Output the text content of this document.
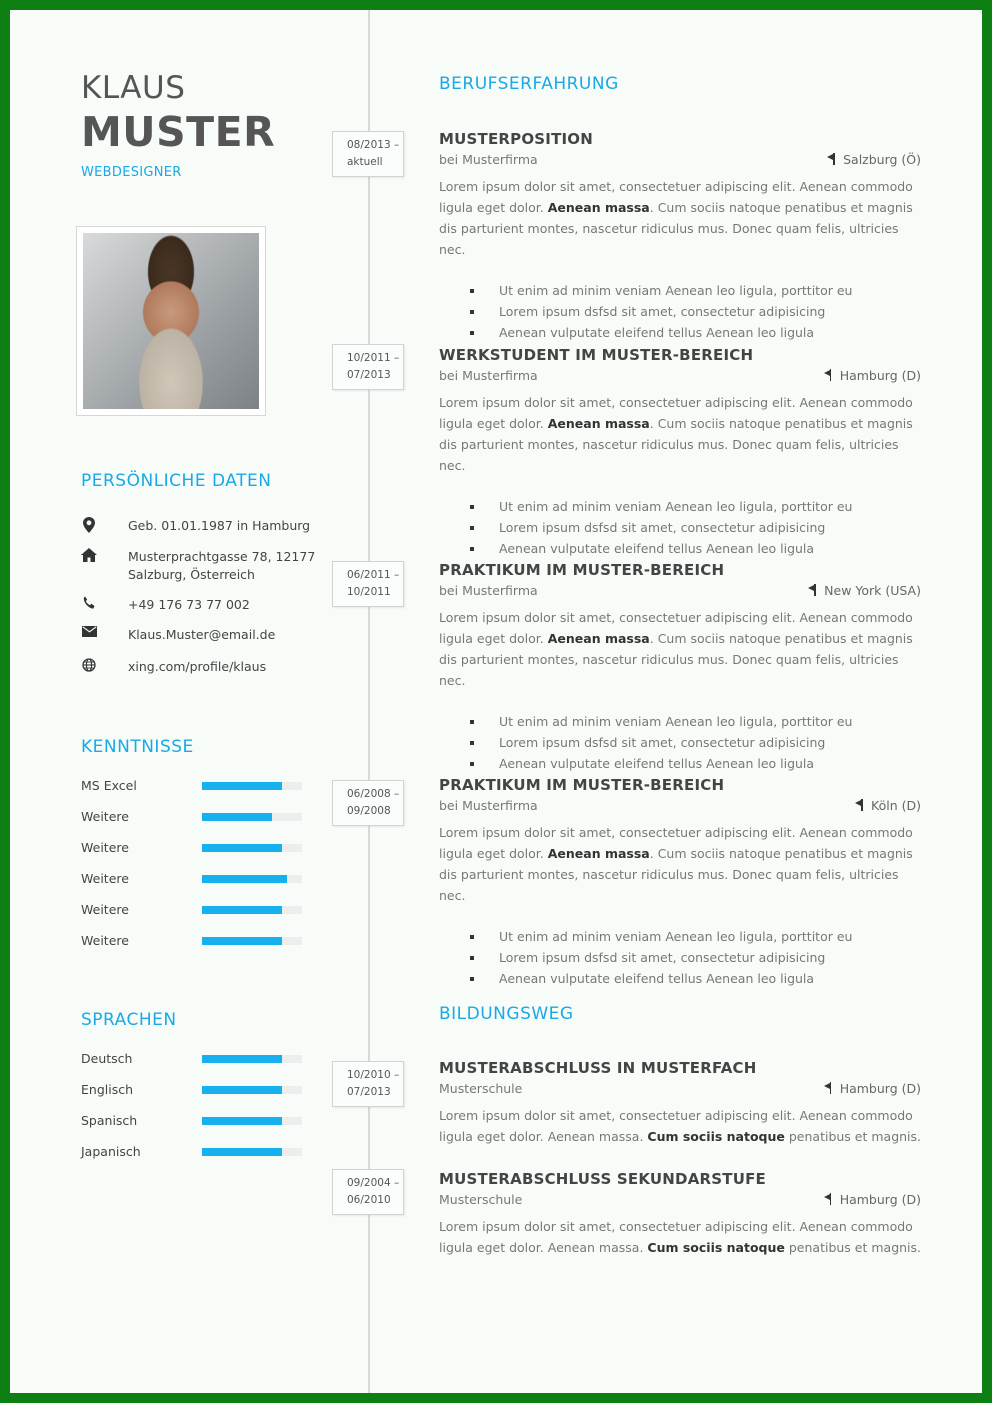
KLAUS
MUSTER
WEBDESIGNER
PERSÖNLICHE DATEN
Geb. 01.01.1987 in Hamburg
Musterprachtgasse 78, 12177
Salzburg, Österreich
+49 176 73 77 002
Klaus.Muster@email.de
xing.com/profile/klaus
KENNTNISSE
MS Excel
Weitere
Weitere
Weitere
Weitere
Weitere
SPRACHEN
Deutsch
Englisch
Spanisch
Japanisch
BERUFSERFAHRUNG
08/2013 –
aktuell
MUSTERPOSITION
bei Musterfirma	Salzburg (Ö)
Lorem ipsum dolor sit amet, consectetuer adipiscing elit. Aenean commodo ligula eget dolor. Aenean massa. Cum sociis natoque penatibus et magnis dis parturient montes, nascetur ridiculus mus. Donec quam felis, ultricies nec.
Ut enim ad minim veniam Aenean leo ligula, porttitor eu
Lorem ipsum dsfsd sit amet, consectetur adipisicing
Aenean vulputate eleifend tellus Aenean leo ligula
10/2011 –
07/2013
WERKSTUDENT IM MUSTER-BEREICH
bei Musterfirma	Hamburg (D)
Lorem ipsum dolor sit amet, consectetuer adipiscing elit. Aenean commodo ligula eget dolor. Aenean massa. Cum sociis natoque penatibus et magnis dis parturient montes, nascetur ridiculus mus. Donec quam felis, ultricies nec.
Ut enim ad minim veniam Aenean leo ligula, porttitor eu
Lorem ipsum dsfsd sit amet, consectetur adipisicing
Aenean vulputate eleifend tellus Aenean leo ligula
06/2011 –
10/2011
PRAKTIKUM IM MUSTER-BEREICH
bei Musterfirma	New York (USA)
Lorem ipsum dolor sit amet, consectetuer adipiscing elit. Aenean commodo ligula eget dolor. Aenean massa. Cum sociis natoque penatibus et magnis dis parturient montes, nascetur ridiculus mus. Donec quam felis, ultricies nec.
Ut enim ad minim veniam Aenean leo ligula, porttitor eu
Lorem ipsum dsfsd sit amet, consectetur adipisicing
Aenean vulputate eleifend tellus Aenean leo ligula
06/2008 –
09/2008
PRAKTIKUM IM MUSTER-BEREICH
bei Musterfirma	Köln (D)
Lorem ipsum dolor sit amet, consectetuer adipiscing elit. Aenean commodo ligula eget dolor. Aenean massa. Cum sociis natoque penatibus et magnis dis parturient montes, nascetur ridiculus mus. Donec quam felis, ultricies nec.
Ut enim ad minim veniam Aenean leo ligula, porttitor eu
Lorem ipsum dsfsd sit amet, consectetur adipisicing
Aenean vulputate eleifend tellus Aenean leo ligula
BILDUNGSWEG
10/2010 –
07/2013
MUSTERABSCHLUSS IN MUSTERFACH
Musterschule	Hamburg (D)
Lorem ipsum dolor sit amet, consectetuer adipiscing elit. Aenean commodo ligula eget dolor. Aenean massa. Cum sociis natoque penatibus et magnis.
09/2004 –
06/2010
MUSTERABSCHLUSS SEKUNDARSTUFE
Musterschule	Hamburg (D)
Lorem ipsum dolor sit amet, consectetuer adipiscing elit. Aenean commodo ligula eget dolor. Aenean massa. Cum sociis natoque penatibus et magnis.
